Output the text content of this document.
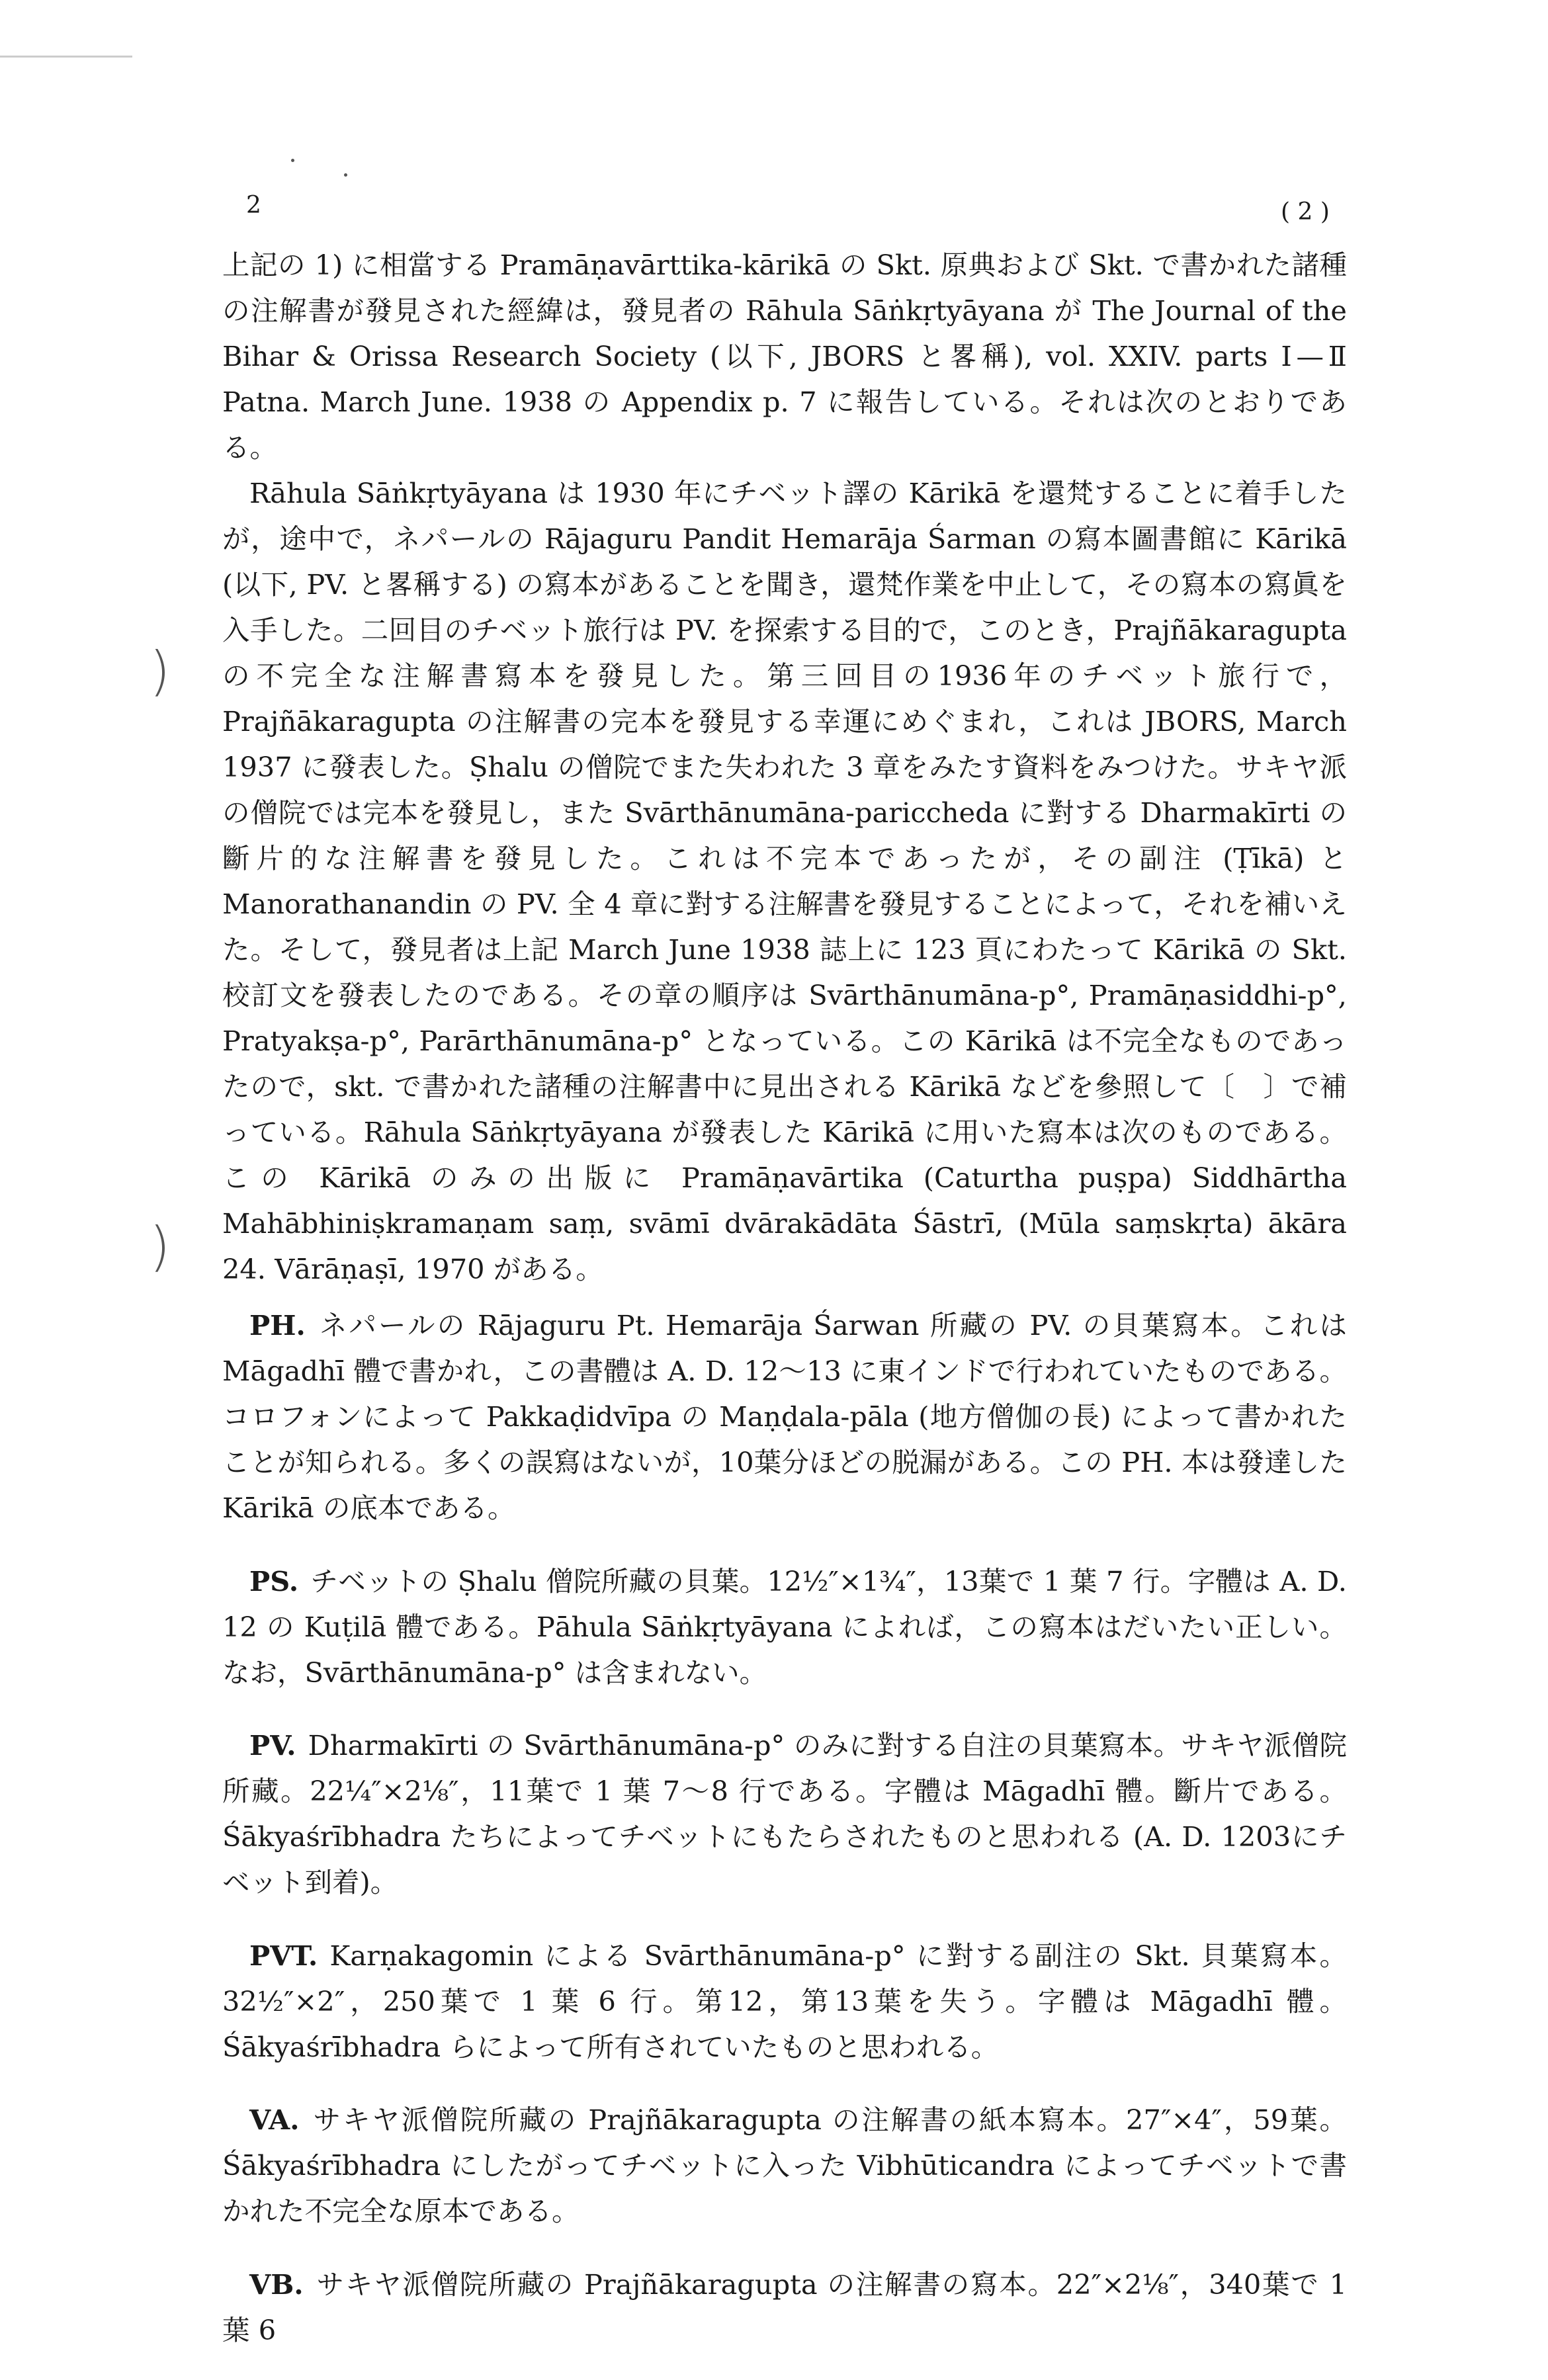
2	( 2 )
)
)

上記の 1) に相當する Pramāṇavārttika-kārikā の Skt. 原典および Skt. で書かれた諸種の注解書が發見された經緯は，發見者の Rāhula Sāṅkṛtyāyana が The Journal of the Bihar & Orissa Research Society (以下, JBORS と畧稱), vol. XXIV. parts Ⅰ—Ⅱ Patna. March June. 1938 の Appendix p. 7 に報告している。それは次のとおりである。

Rāhula Sāṅkṛtyāyana は 1930 年にチベット譯の Kārikā を還梵することに着手したが，途中で，ネパールの Rājaguru Pandit Hemarāja Śarman の寫本圖書館に Kārikā (以下, PV. と畧稱する) の寫本があることを聞き，還梵作業を中止して，その寫本の寫眞を入手した。二回目のチベット旅行は PV. を探索する目的で，このとき，Prajñākaragupta の不完全な注解書寫本を發見した。第三回目の1936年のチベット旅行で，Prajñākaragupta の注解書の完本を發見する幸運にめぐまれ，これは JBORS, March 1937 に發表した。Ṣhalu の僧院でまた失われた 3 章をみたす資料をみつけた。サキヤ派の僧院では完本を發見し，また Svārthānumāna-pariccheda に對する Dharmakīrti の斷片的な注解書を發見した。これは不完本であったが，その副注 (Ṭīkā) と Manorathanandin の PV. 全 4 章に對する注解書を發見することによって，それを補いえた。そして，發見者は上記 March June 1938 誌上に 123 頁にわたって Kārikā の Skt. 校訂文を發表したのである。その章の順序は Svārthānumāna-p°, Pramāṇasiddhi-p°, Pratyakṣa-p°, Parārthānumāna-p° となっている。この Kārikā は不完全なものであったので，skt. で書かれた諸種の注解書中に見出される Kārikā などを參照して〔　〕で補っている。Rāhula Sāṅkṛtyāyana が發表した Kārikā に用いた寫本は次のものである。この Kārikā のみの出版に Pramāṇavārtika (Caturtha puṣpa) Siddhārtha Mahābhiniṣkramaṇam saṃ, svāmī dvārakādāta Śāstrī, (Mūla saṃskṛta) ākāra 24. Vārāṇaṣī, 1970 がある。

PH. ネパールの Rājaguru Pt. Hemarāja Śarwan 所藏の PV. の貝葉寫本。これは Māgadhī 體で書かれ，この書體は A. D. 12〜13 に東インドで行われていたものである。コロフォンによって Pakkaḍidvīpa の Maṇḍala-pāla (地方僧伽の長) によって書かれたことが知られる。多くの誤寫はないが，10葉分ほどの脱漏がある。この PH. 本は發達した Kārikā の底本である。

PS. チベットの Ṣhalu 僧院所藏の貝葉。12½″×1¾″，13葉で 1 葉 7 行。字體は A. D. 12 の Kuṭilā 體である。Pāhula Sāṅkṛtyāyana によれば，この寫本はだいたい正しい。なお，Svārthānumāna-p° は含まれない。

PV. Dharmakīrti の Svārthānumāna-p° のみに對する自注の貝葉寫本。サキヤ派僧院所藏。22¼″×2⅛″，11葉で 1 葉 7〜8 行である。字體は Māgadhī 體。斷片である。Śākyaśrībhadra たちによってチベットにもたらされたものと思われる (A. D. 1203にチベット到着)。

PVT. Karṇakagomin による Svārthānumāna-p° に對する副注の Skt. 貝葉寫本。32½″×2″，250葉で 1 葉 6 行。第12，第13葉を失う。字體は Māgadhī 體。Śākyaśrībhadra らによって所有されていたものと思われる。

VA. サキヤ派僧院所藏の Prajñākaragupta の注解書の紙本寫本。27″×4″，59葉。Śākyaśrībhadra にしたがってチベットに入った Vibhūticandra によってチベットで書かれた不完全な原本である。

VB. サキヤ派僧院所藏の Prajñākaragupta の注解書の寫本。22″×2⅛″，340葉で 1 葉 6
